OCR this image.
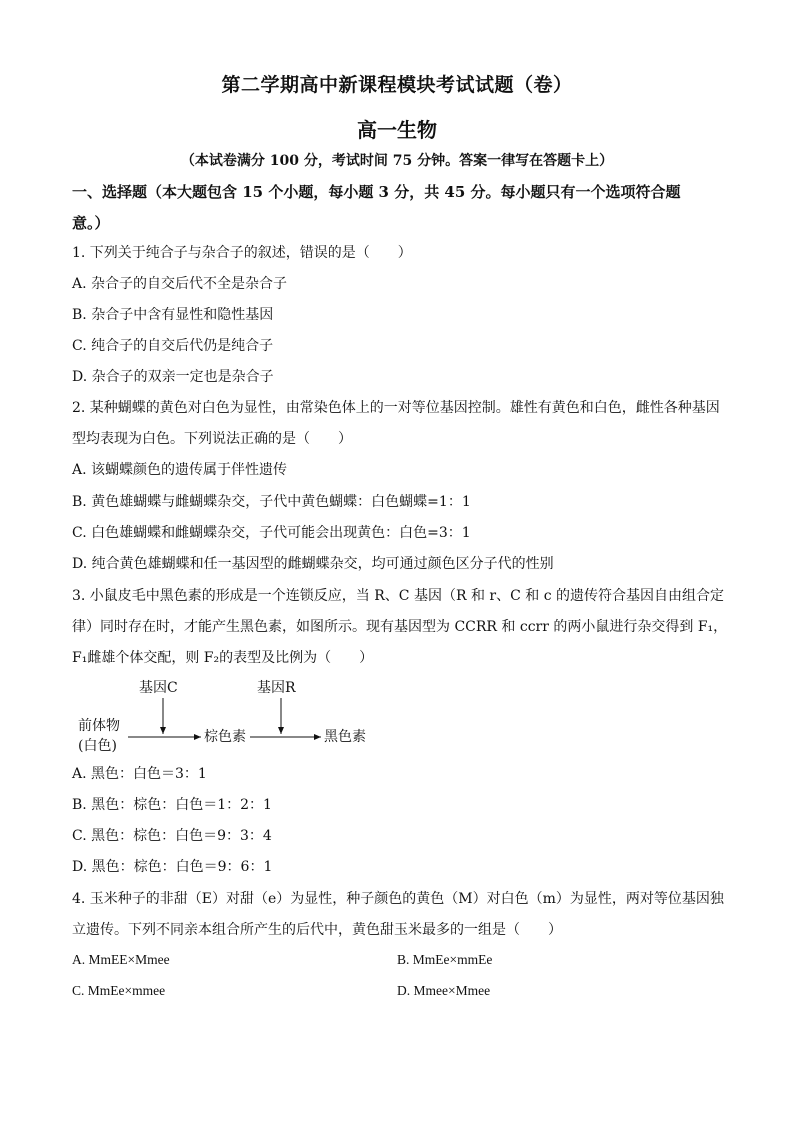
第二学期高中新课程模块考试试题（卷）
高一生物
（本试卷满分 100 分，考试时间 75 分钟。答案一律写在答题卡上）
一、选择题（本大题包含 15 个小题，每小题 3 分，共 45 分。每小题只有一个选项符合题
意。）
1. 下列关于纯合子与杂合子的叙述，错误的是（　　）
A. 杂合子的自交后代不全是杂合子
B. 杂合子中含有显性和隐性基因
C. 纯合子的自交后代仍是纯合子
D. 杂合子的双亲一定也是杂合子
2. 某种蝴蝶的黄色对白色为显性，由常染色体上的一对等位基因控制。雄性有黄色和白色，雌性各种基因
型均表现为白色。下列说法正确的是（　　）
A. 该蝴蝶颜色的遗传属于伴性遗传
B. 黄色雄蝴蝶与雌蝴蝶杂交，子代中黄色蝴蝶：白色蝴蝶=1：1
C. 白色雄蝴蝶和雌蝴蝶杂交，子代可能会出现黄色：白色=3：1
D. 纯合黄色雄蝴蝶和任一基因型的雌蝴蝶杂交，均可通过颜色区分子代的性别
3. 小鼠皮毛中黑色素的形成是一个连锁反应，当 R、C 基因（R 和 r、C 和 c 的遗传符合基因自由组合定
律）同时存在时，才能产生黑色素，如图所示。现有基因型为 CCRR 和 ccrr 的两小鼠进行杂交得到 F₁，
F₁雌雄个体交配，则 F₂的表型及比例为（　　）
基因C	基因R
前体物
(白色)
棕色素	黑色素
A. 黑色：白色＝3：1
B. 黑色：棕色：白色＝1：2：1
C. 黑色：棕色：白色＝9：3：4
D. 黑色：棕色：白色＝9：6：1
4. 玉米种子的非甜（E）对甜（e）为显性，种子颜色的黄色（M）对白色（m）为显性，两对等位基因独
立遗传。下列不同亲本组合所产生的后代中，黄色甜玉米最多的一组是（　　）
A. MmEE×Mmee	B. MmEe×mmEe
C. MmEe×mmee	D. Mmee×Mmee
